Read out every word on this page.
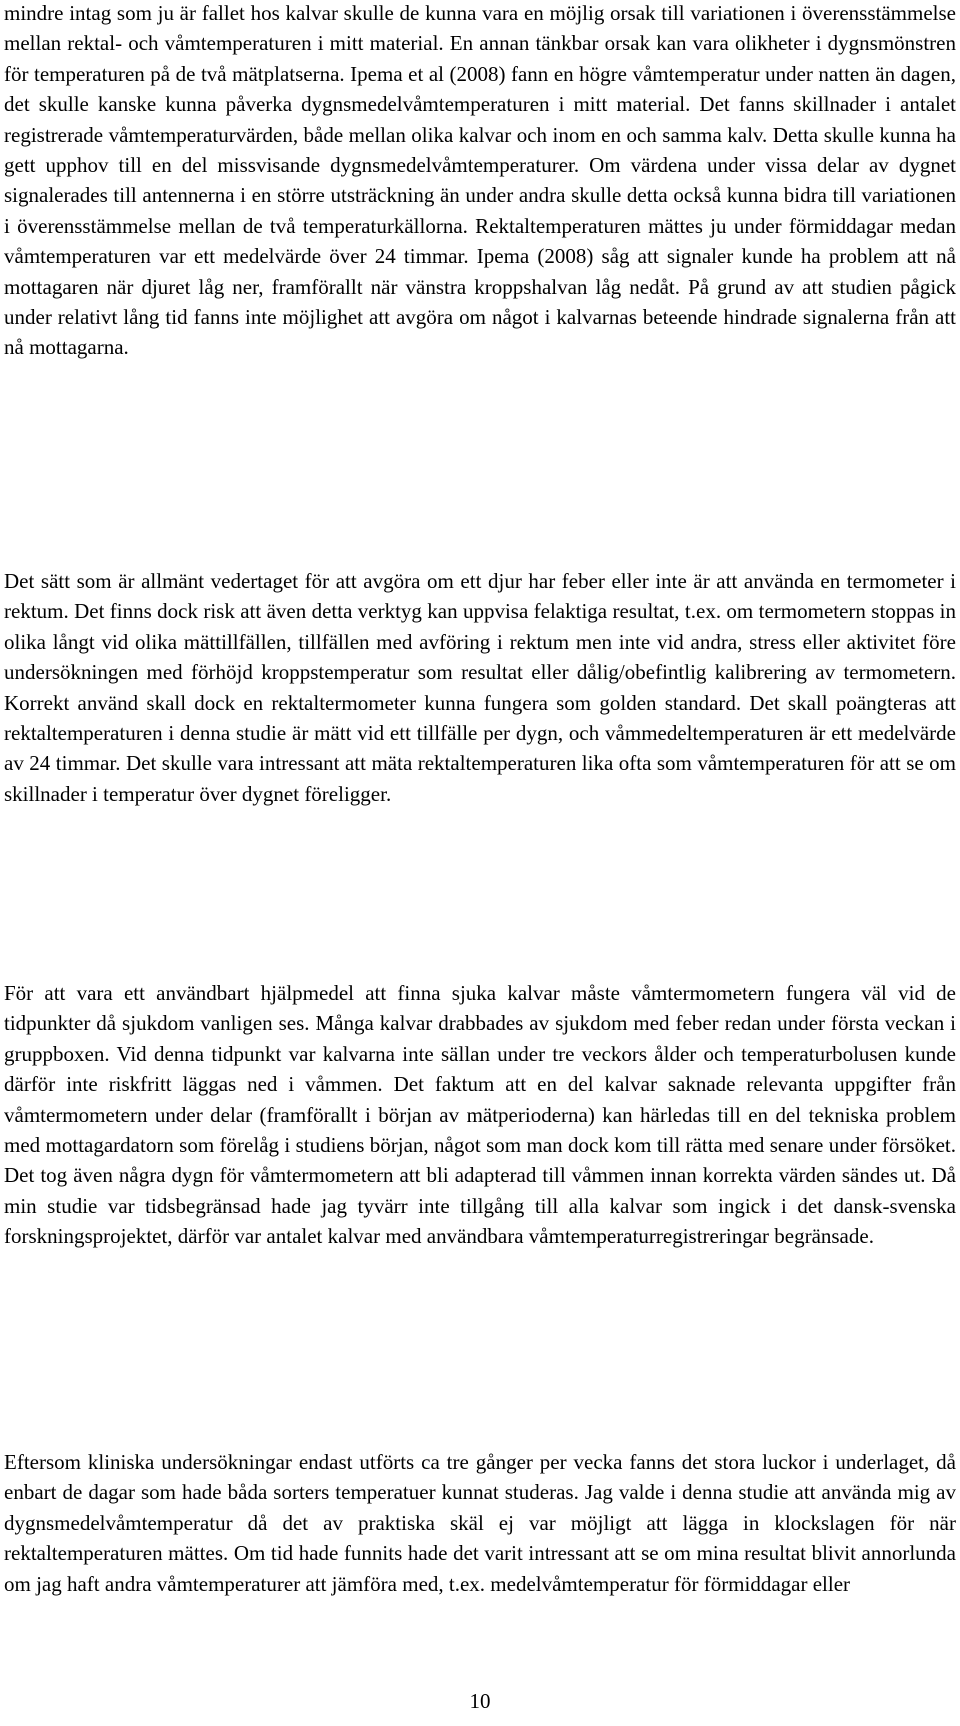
mindre intag som ju är fallet hos kalvar skulle de kunna vara en möjlig orsak till variationen i överensstämmelse mellan rektal- och våmtemperaturen i mitt material. En annan tänkbar orsak kan vara olikheter i dygnsmönstren för temperaturen på de två mätplatserna. Ipema et al (2008) fann en högre våmtemperatur under natten än dagen, det skulle kanske kunna påverka dygnsmedelvåmtemperaturen i mitt material. Det fanns skillnader i antalet registrerade våmtemperaturvärden, både mellan olika kalvar och inom en och samma kalv. Detta skulle kunna ha gett upphov till en del missvisande dygnsmedelvåmtemperaturer. Om värdena under vissa delar av dygnet signalerades till antennerna i en större utsträckning än under andra skulle detta också kunna bidra till variationen i överensstämmelse mellan de två temperaturkällorna. Rektaltemperaturen mättes ju under förmiddagar medan våmtemperaturen var ett medelvärde över 24 timmar. Ipema (2008) såg att signaler kunde ha problem att nå mottagaren när djuret låg ner, framförallt när vänstra kroppshalvan låg nedåt. På grund av att studien pågick under relativt lång tid fanns inte möjlighet att avgöra om något i kalvarnas beteende hindrade signalerna från att nå mottagarna.

Det sätt som är allmänt vedertaget för att avgöra om ett djur har feber eller inte är att använda en termometer i rektum. Det finns dock risk att även detta verktyg kan uppvisa felaktiga resultat, t.ex. om termometern stoppas in olika långt vid olika mättillfällen, tillfällen med avföring i rektum men inte vid andra, stress eller aktivitet före undersökningen med förhöjd kroppstemperatur som resultat eller dålig/obefintlig kalibrering av termometern. Korrekt använd skall dock en rektaltermometer kunna fungera som golden standard. Det skall poängteras att rektaltemperaturen i denna studie är mätt vid ett tillfälle per dygn, och våmmedeltemperaturen är ett medelvärde av 24 timmar. Det skulle vara intressant att mäta rektaltemperaturen lika ofta som våmtemperaturen för att se om skillnader i temperatur över dygnet föreligger.

För att vara ett användbart hjälpmedel att finna sjuka kalvar måste våmtermometern fungera väl vid de tidpunkter då sjukdom vanligen ses. Många kalvar drabbades av sjukdom med feber redan under första veckan i gruppboxen. Vid denna tidpunkt var kalvarna inte sällan under tre veckors ålder och temperaturbolusen kunde därför inte riskfritt läggas ned i våmmen. Det faktum att en del kalvar saknade relevanta uppgifter från våmtermometern under delar (framförallt i början av mätperioderna) kan härledas till en del tekniska problem med mottagardatorn som förelåg i studiens början, något som man dock kom till rätta med senare under försöket. Det tog även några dygn för våmtermometern att bli adapterad till våmmen innan korrekta värden sändes ut. Då min studie var tidsbegränsad hade jag tyvärr inte tillgång till alla kalvar som ingick i det dansk-svenska forskningsprojektet, därför var antalet kalvar med användbara våmtemperaturregistreringar begränsade.

Eftersom kliniska undersökningar endast utförts ca tre gånger per vecka fanns det stora luckor i underlaget, då enbart de dagar som hade båda sorters temperatuer kunnat studeras. Jag valde i denna studie att använda mig av dygnsmedelvåmtemperatur då det av praktiska skäl ej var möjligt att lägga in klockslagen för när rektaltemperaturen mättes. Om tid hade funnits hade det varit intressant att se om mina resultat blivit annorlunda om jag haft andra våmtemperaturer att jämföra med, t.ex. medelvåmtemperatur för förmiddagar eller

10
